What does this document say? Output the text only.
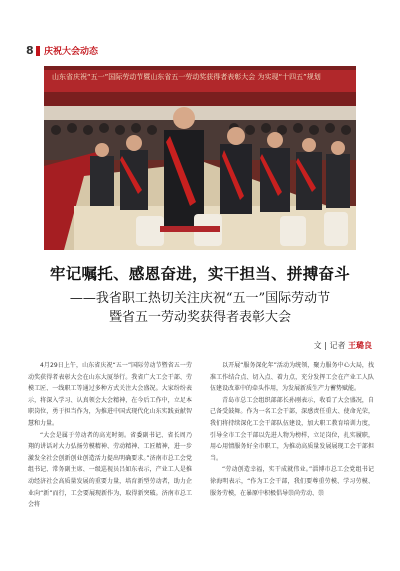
8 庆祝大会动态
山东省庆祝“五一”国际劳动节暨山东省五一劳动奖获得者表彰大会 为实现“十四五”规划
牢记嘱托、感恩奋进，实干担当、拼搏奋斗
——我省职工热切关注庆祝“五一”国际劳动节
暨省五一劳动奖获得者表彰大会
文 | 记者 王璐良

4月29日上午，山东省庆祝“五一”国际劳动节暨省五一劳动奖获得者表彰大会在山东大厦举行。我省广大工会干部、劳模工匠、一线职工等通过多种方式关注大会盛况。大家纷纷表示，将深入学习、认真领会大会精神，在今后工作中，立足本职岗位，勇于担当作为，为推进中国式现代化山东实践贡献智慧和力量。

“大会是属于劳动者的高光时刻。省委副书记、省长周乃翔的讲话对大力弘扬劳模精神、劳动精神、工匠精神，进一步激发全社会创新创业创造活力提出明确要求。”济南市总工会党组书记、常务副主席、一级巡视员吕如东表示，产业工人是推动经济社会高质量发展的重要力量，培育新型劳动者，助力企业向“新”而行，工会要展现新作为，取得新突破。济南市总工会将

以开展“服务深化年”活动为统领，聚力服务中心大局，找准工作结合点、切入点、着力点，充分发挥工会在产业工人队伍建设改革中的牵头作用，为发展新质生产力蓄势赋能。

青岛市总工会组织部部长孙刚表示，收看了大会盛况，自己备受鼓舞。作为一名工会干部，深感责任重大、使命光荣，我们将持续深化工会干部队伍建设，加大职工教育培训力度，引导全市工会干部以先进人物为榜样，立足岗位，扎实履职，用心用情服务好全市职工，为推动高质量发展展现工会干部担当。

“劳动创造幸福，实干成就伟业。”淄博市总工会党组书记徐海明表示，“作为工会干部，我们要尊重劳模、学习劳模、服务劳模，在暴原中积极倡导崇尚劳动、崇
